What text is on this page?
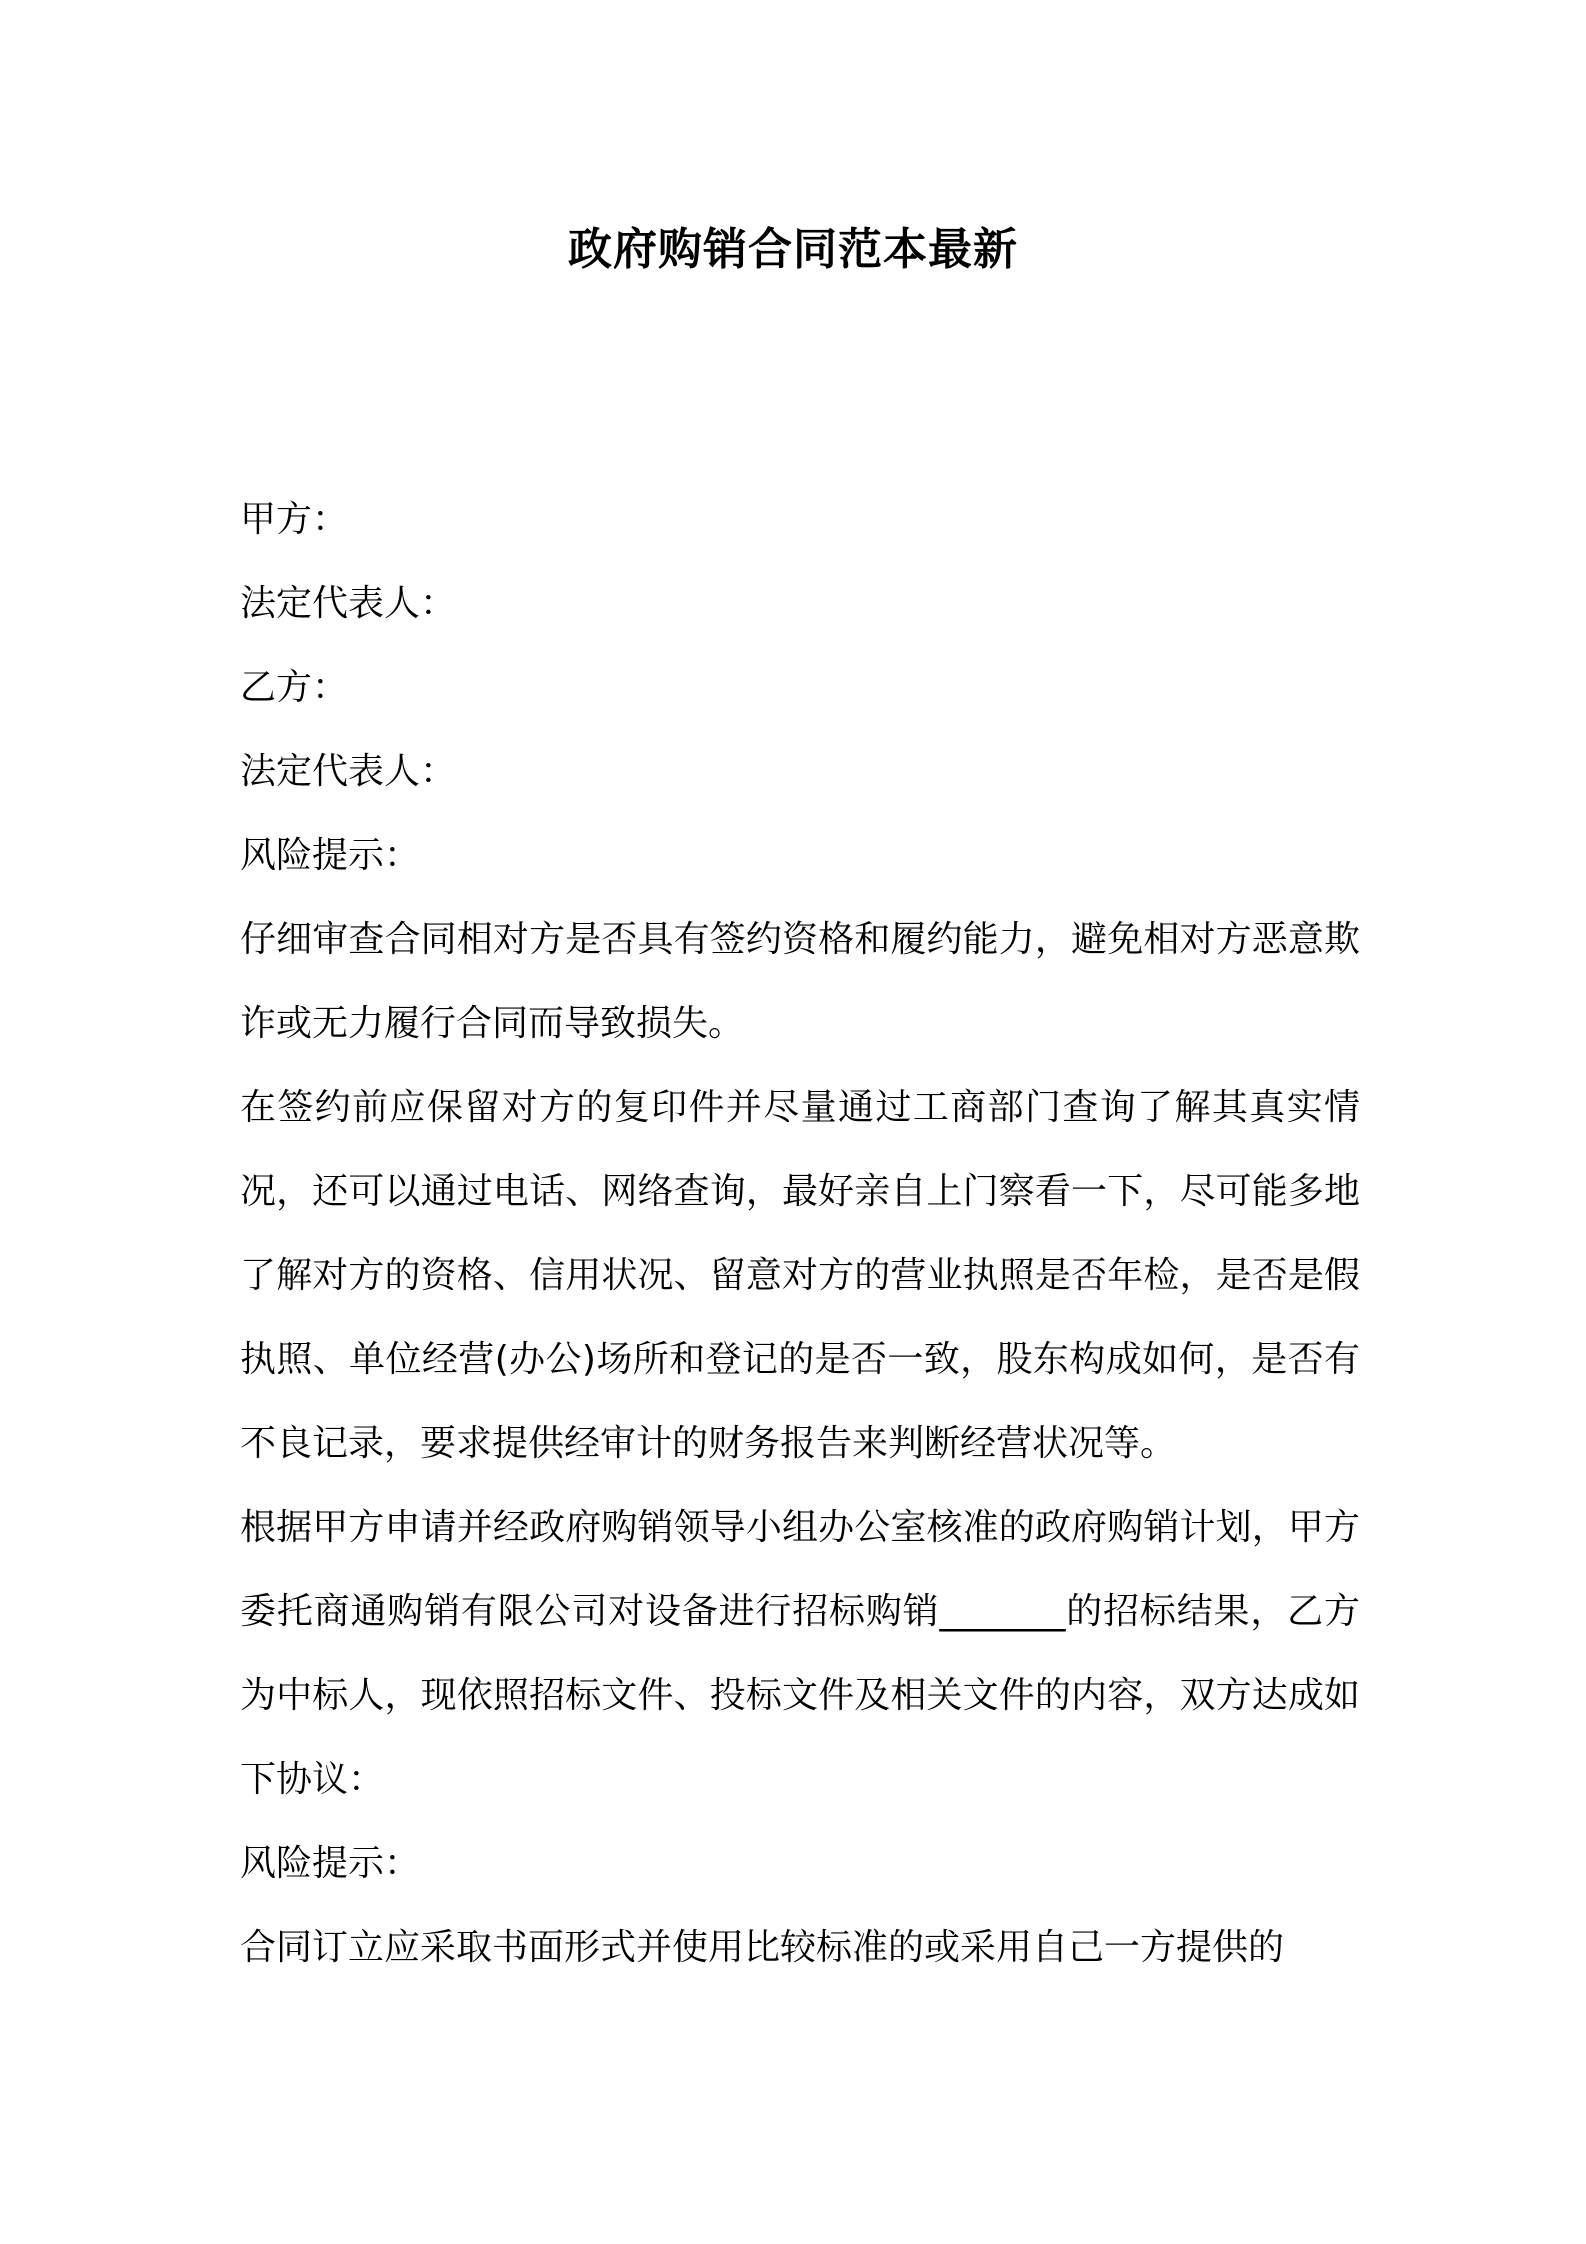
政府购销合同范本最新

甲方：

法定代表人：

乙方：

法定代表人：

风险提示：

仔细审查合同相对方是否具有签约资格和履约能力，避免相对方恶意欺诈或无力履行合同而导致损失。

在签约前应保留对方的复印件并尽量通过工商部门查询了解其真实情况，还可以通过电话、网络查询，最好亲自上门察看一下，尽可能多地了解对方的资格、信用状况、留意对方的营业执照是否年检，是否是假执照、单位经营(办公)场所和登记的是否一致，股东构成如何，是否有不良记录，要求提供经审计的财务报告来判断经营状况等。

根据甲方申请并经政府购销领导小组办公室核准的政府购销计划，甲方委托商通购销有限公司对设备进行招标购销_______的招标结果，乙方为中标人，现依照招标文件、投标文件及相关文件的内容，双方达成如下协议：

风险提示：

合同订立应采取书面形式并使用比较标准的或采用自己一方提供的
